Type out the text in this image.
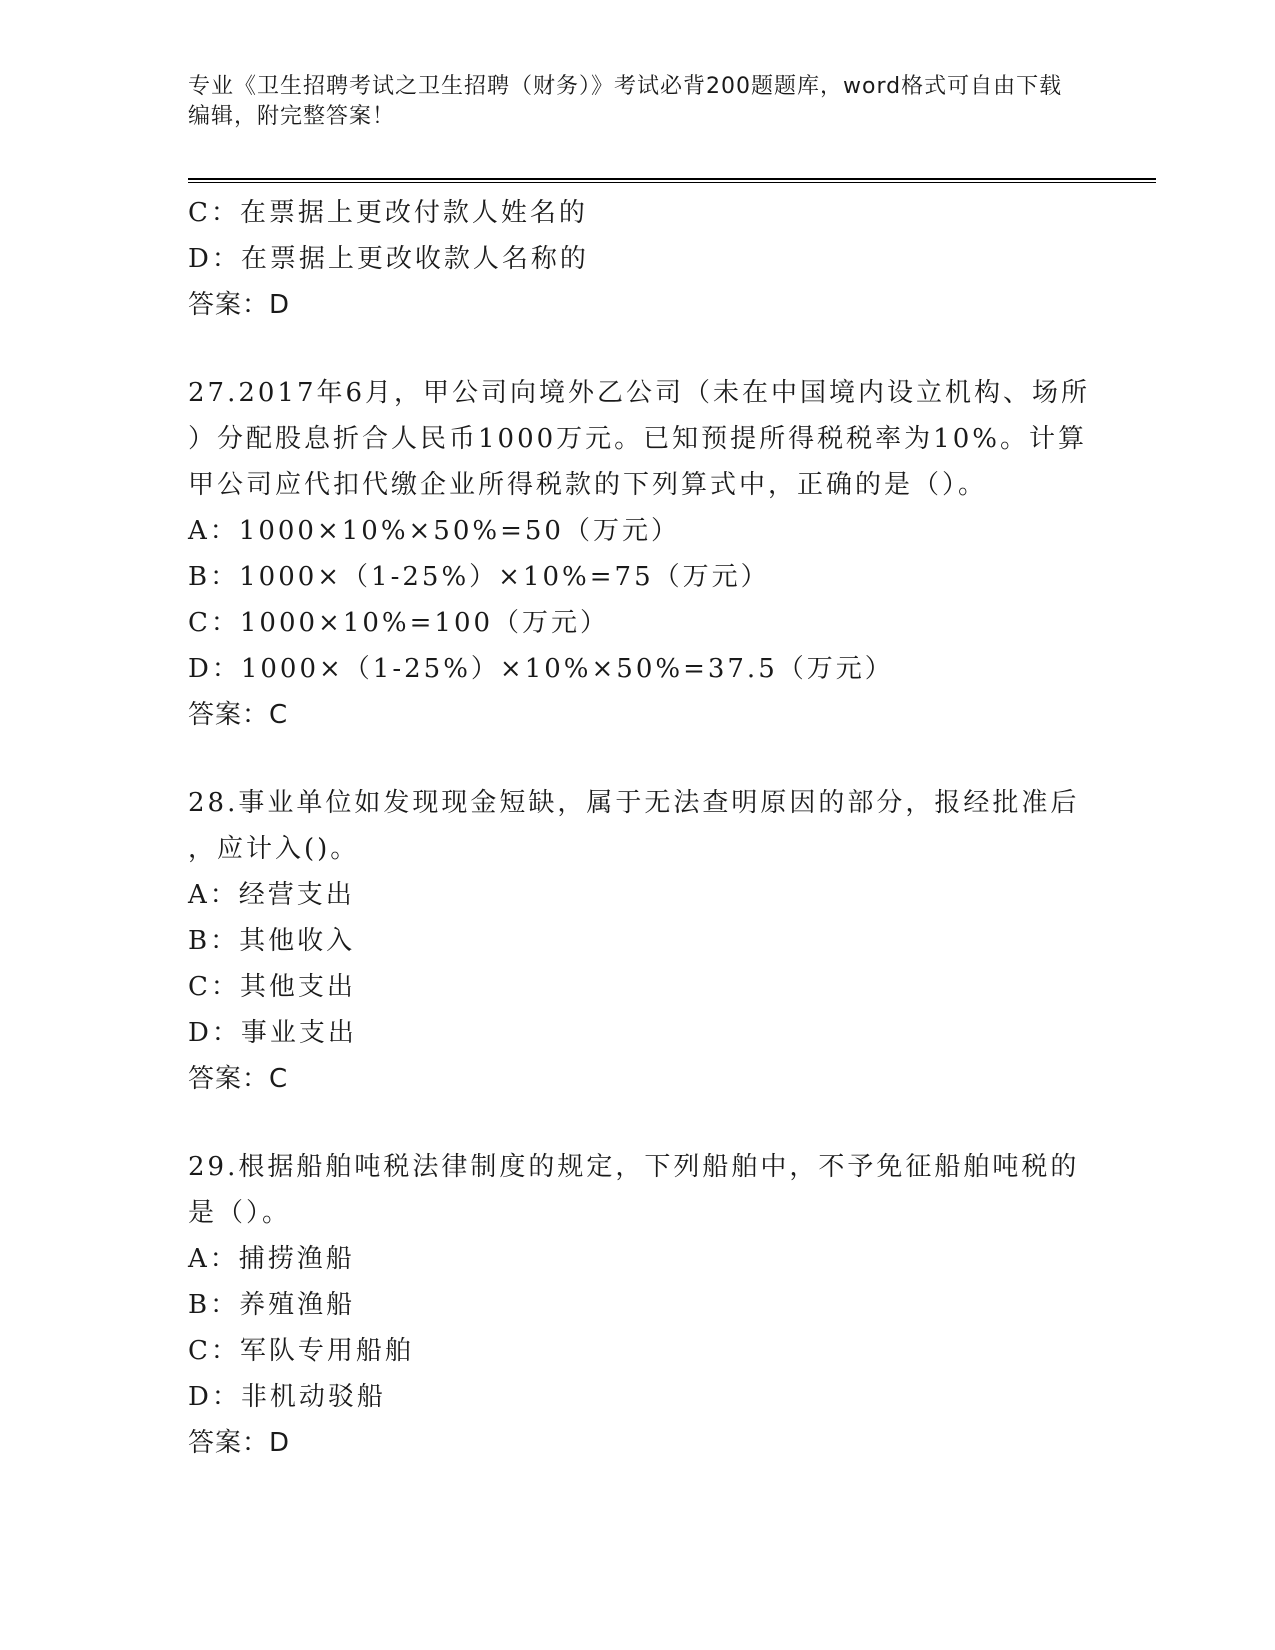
专业《卫生招聘考试之卫生招聘（财务）》考试必背200题题库，word格式可自由下载编辑，附完整答案！
C：在票据上更改付款人姓名的
D：在票据上更改收款人名称的
答案：D
27.2017年6月，甲公司向境外乙公司（未在中国境内设立机构、场所
）分配股息折合人民币1000万元。已知预提所得税税率为10%。计算
甲公司应代扣代缴企业所得税款的下列算式中，正确的是（）。
A：1000×10%×50%=50（万元）
B：1000×（1-25%）×10%=75（万元）
C：1000×10%=100（万元）
D：1000×（1-25%）×10%×50%=37.5（万元）
答案：C
28.事业单位如发现现金短缺，属于无法查明原因的部分，报经批准后
，应计入()。
A：经营支出
B：其他收入
C：其他支出
D：事业支出
答案：C
29.根据船舶吨税法律制度的规定，下列船舶中，不予免征船舶吨税的
是（）。
A：捕捞渔船
B：养殖渔船
C：军队专用船舶
D：非机动驳船
答案：D
